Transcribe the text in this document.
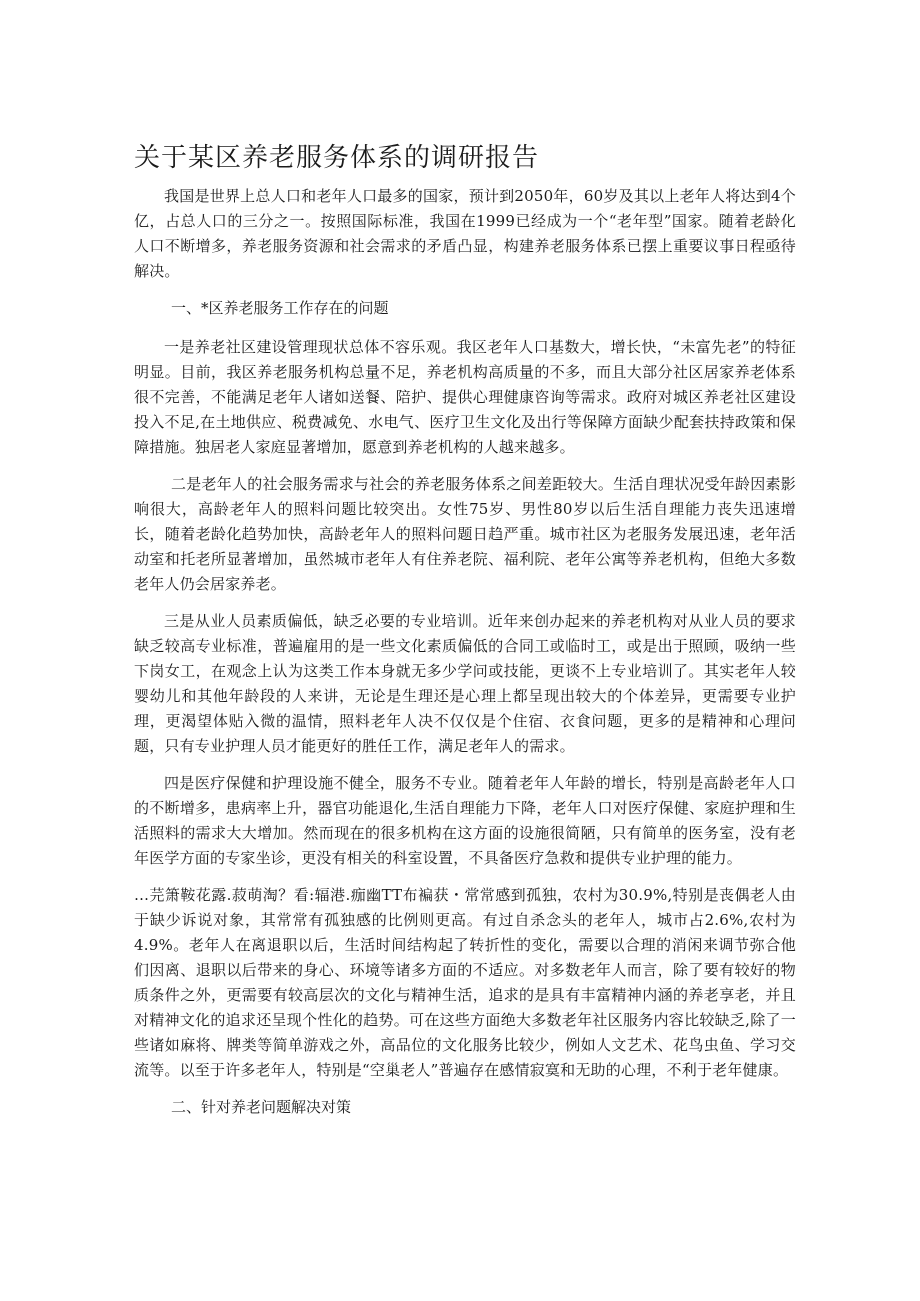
关于某区养老服务体系的调研报告

我国是世界上总人口和老年人口最多的国家，预计到2050年，60岁及其以上老年人将达到4个亿，占总人口的三分之一。按照国际标准，我国在1999已经成为一个“老年型”国家。随着老龄化人口不断增多，养老服务资源和社会需求的矛盾凸显，构建养老服务体系已摆上重要议事日程亟待解决。

一、*区养老服务工作存在的问题

一是养老社区建设管理现状总体不容乐观。我区老年人口基数大，增长快，“未富先老”的特征明显。目前，我区养老服务机构总量不足，养老机构高质量的不多，而且大部分社区居家养老体系很不完善，不能满足老年人诸如送餐、陪护、提供心理健康咨询等需求。政府对城区养老社区建设投入不足,在土地供应、税费减免、水电气、医疗卫生文化及出行等保障方面缺少配套扶持政策和保障措施。独居老人家庭显著增加，愿意到养老机构的人越来越多。

二是老年人的社会服务需求与社会的养老服务体系之间差距较大。生活自理状况受年龄因素影响很大，高龄老年人的照料问题比较突出。女性75岁、男性80岁以后生活自理能力丧失迅速增长，随着老龄化趋势加快，高龄老年人的照料问题日趋严重。城市社区为老服务发展迅速，老年活动室和托老所显著增加，虽然城市老年人有住养老院、福利院、老年公寓等养老机构，但绝大多数老年人仍会居家养老。

三是从业人员素质偏低，缺乏必要的专业培训。近年来创办起来的养老机构对从业人员的要求缺乏较高专业标准，普遍雇用的是一些文化素质偏低的合同工或临时工，或是出于照顾，吸纳一些下岗女工，在观念上认为这类工作本身就无多少学问或技能，更谈不上专业培训了。其实老年人较婴幼儿和其他年龄段的人来讲，无论是生理还是心理上都呈现出较大的个体差异，更需要专业护理，更渴望体贴入微的温情，照料老年人决不仅仅是个住宿、衣食问题，更多的是精神和心理问题，只有专业护理人员才能更好的胜任工作，满足老年人的需求。

四是医疗保健和护理设施不健全，服务不专业。随着老年人年龄的增长，特别是高龄老年人口的不断增多，患病率上升，器官功能退化,生活自理能力下降，老年人口对医疗保健、家庭护理和生活照料的需求大大增加。然而现在的很多机构在这方面的设施很简陋，只有简单的医务室，没有老年医学方面的专家坐诊，更没有相关的科室设置，不具备医疗急救和提供专业护理的能力。

…芫箫鞍花露.菽萌淘？看:辐港.痂幽TT布褊获・常常感到孤独，农村为30.9%,特别是丧偶老人由于缺少诉说对象，其常常有孤独感的比例则更高。有过自杀念头的老年人，城市占2.6%,农村为4.9%。老年人在离退职以后，生活时间结构起了转折性的变化，需要以合理的消闲来调节弥合他们因离、退职以后带来的身心、环境等诸多方面的不适应。对多数老年人而言，除了要有较好的物质条件之外，更需要有较高层次的文化与精神生活，追求的是具有丰富精神内涵的养老享老，并且对精神文化的追求还呈现个性化的趋势。可在这些方面绝大多数老年社区服务内容比较缺乏,除了一些诸如麻将、牌类等简单游戏之外，高品位的文化服务比较少，例如人文艺术、花鸟虫鱼、学习交流等。以至于许多老年人，特别是“空巢老人”普遍存在感情寂寞和无助的心理，不利于老年健康。

二、针对养老问题解决对策
